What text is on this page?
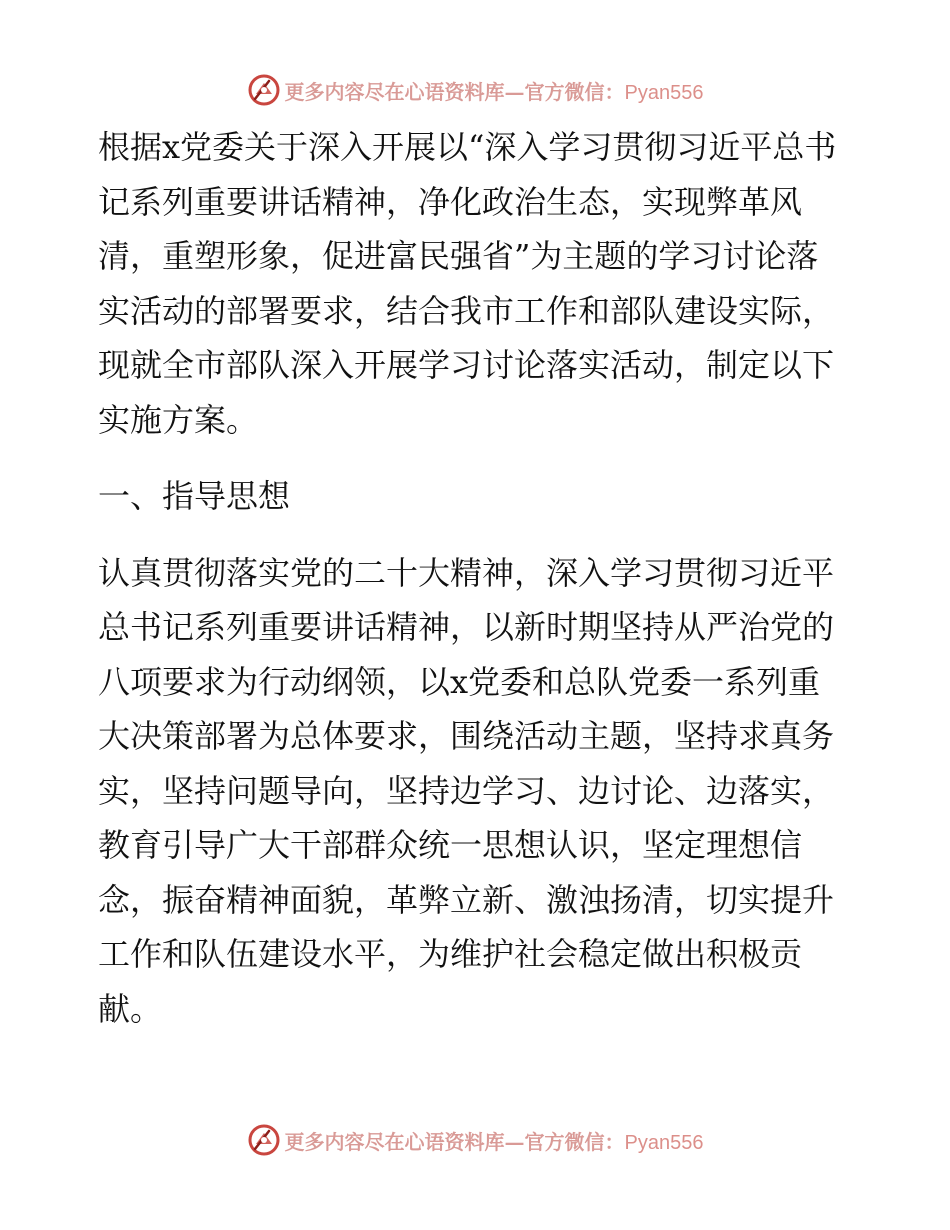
更多内容尽在心语资料库—官方微信：Pyan556

根据x党委关于深入开展以“深入学习贯彻习近平总书记系列重要讲话精神，净化政治生态，实现弊革风清，重塑形象，促进富民强省”为主题的学习讨论落实活动的部署要求，结合我市工作和部队建设实际，现就全市部队深入开展学习讨论落实活动，制定以下实施方案。

一、指导思想

认真贯彻落实党的二十大精神，深入学习贯彻习近平总书记系列重要讲话精神，以新时期坚持从严治党的八项要求为行动纲领，以x党委和总队党委一系列重大决策部署为总体要求，围绕活动主题，坚持求真务实，坚持问题导向，坚持边学习、边讨论、边落实，教育引导广大干部群众统一思想认识，坚定理想信念，振奋精神面貌，革弊立新、激浊扬清，切实提升工作和队伍建设水平，为维护社会稳定做出积极贡献。

更多内容尽在心语资料库—官方微信：Pyan556
